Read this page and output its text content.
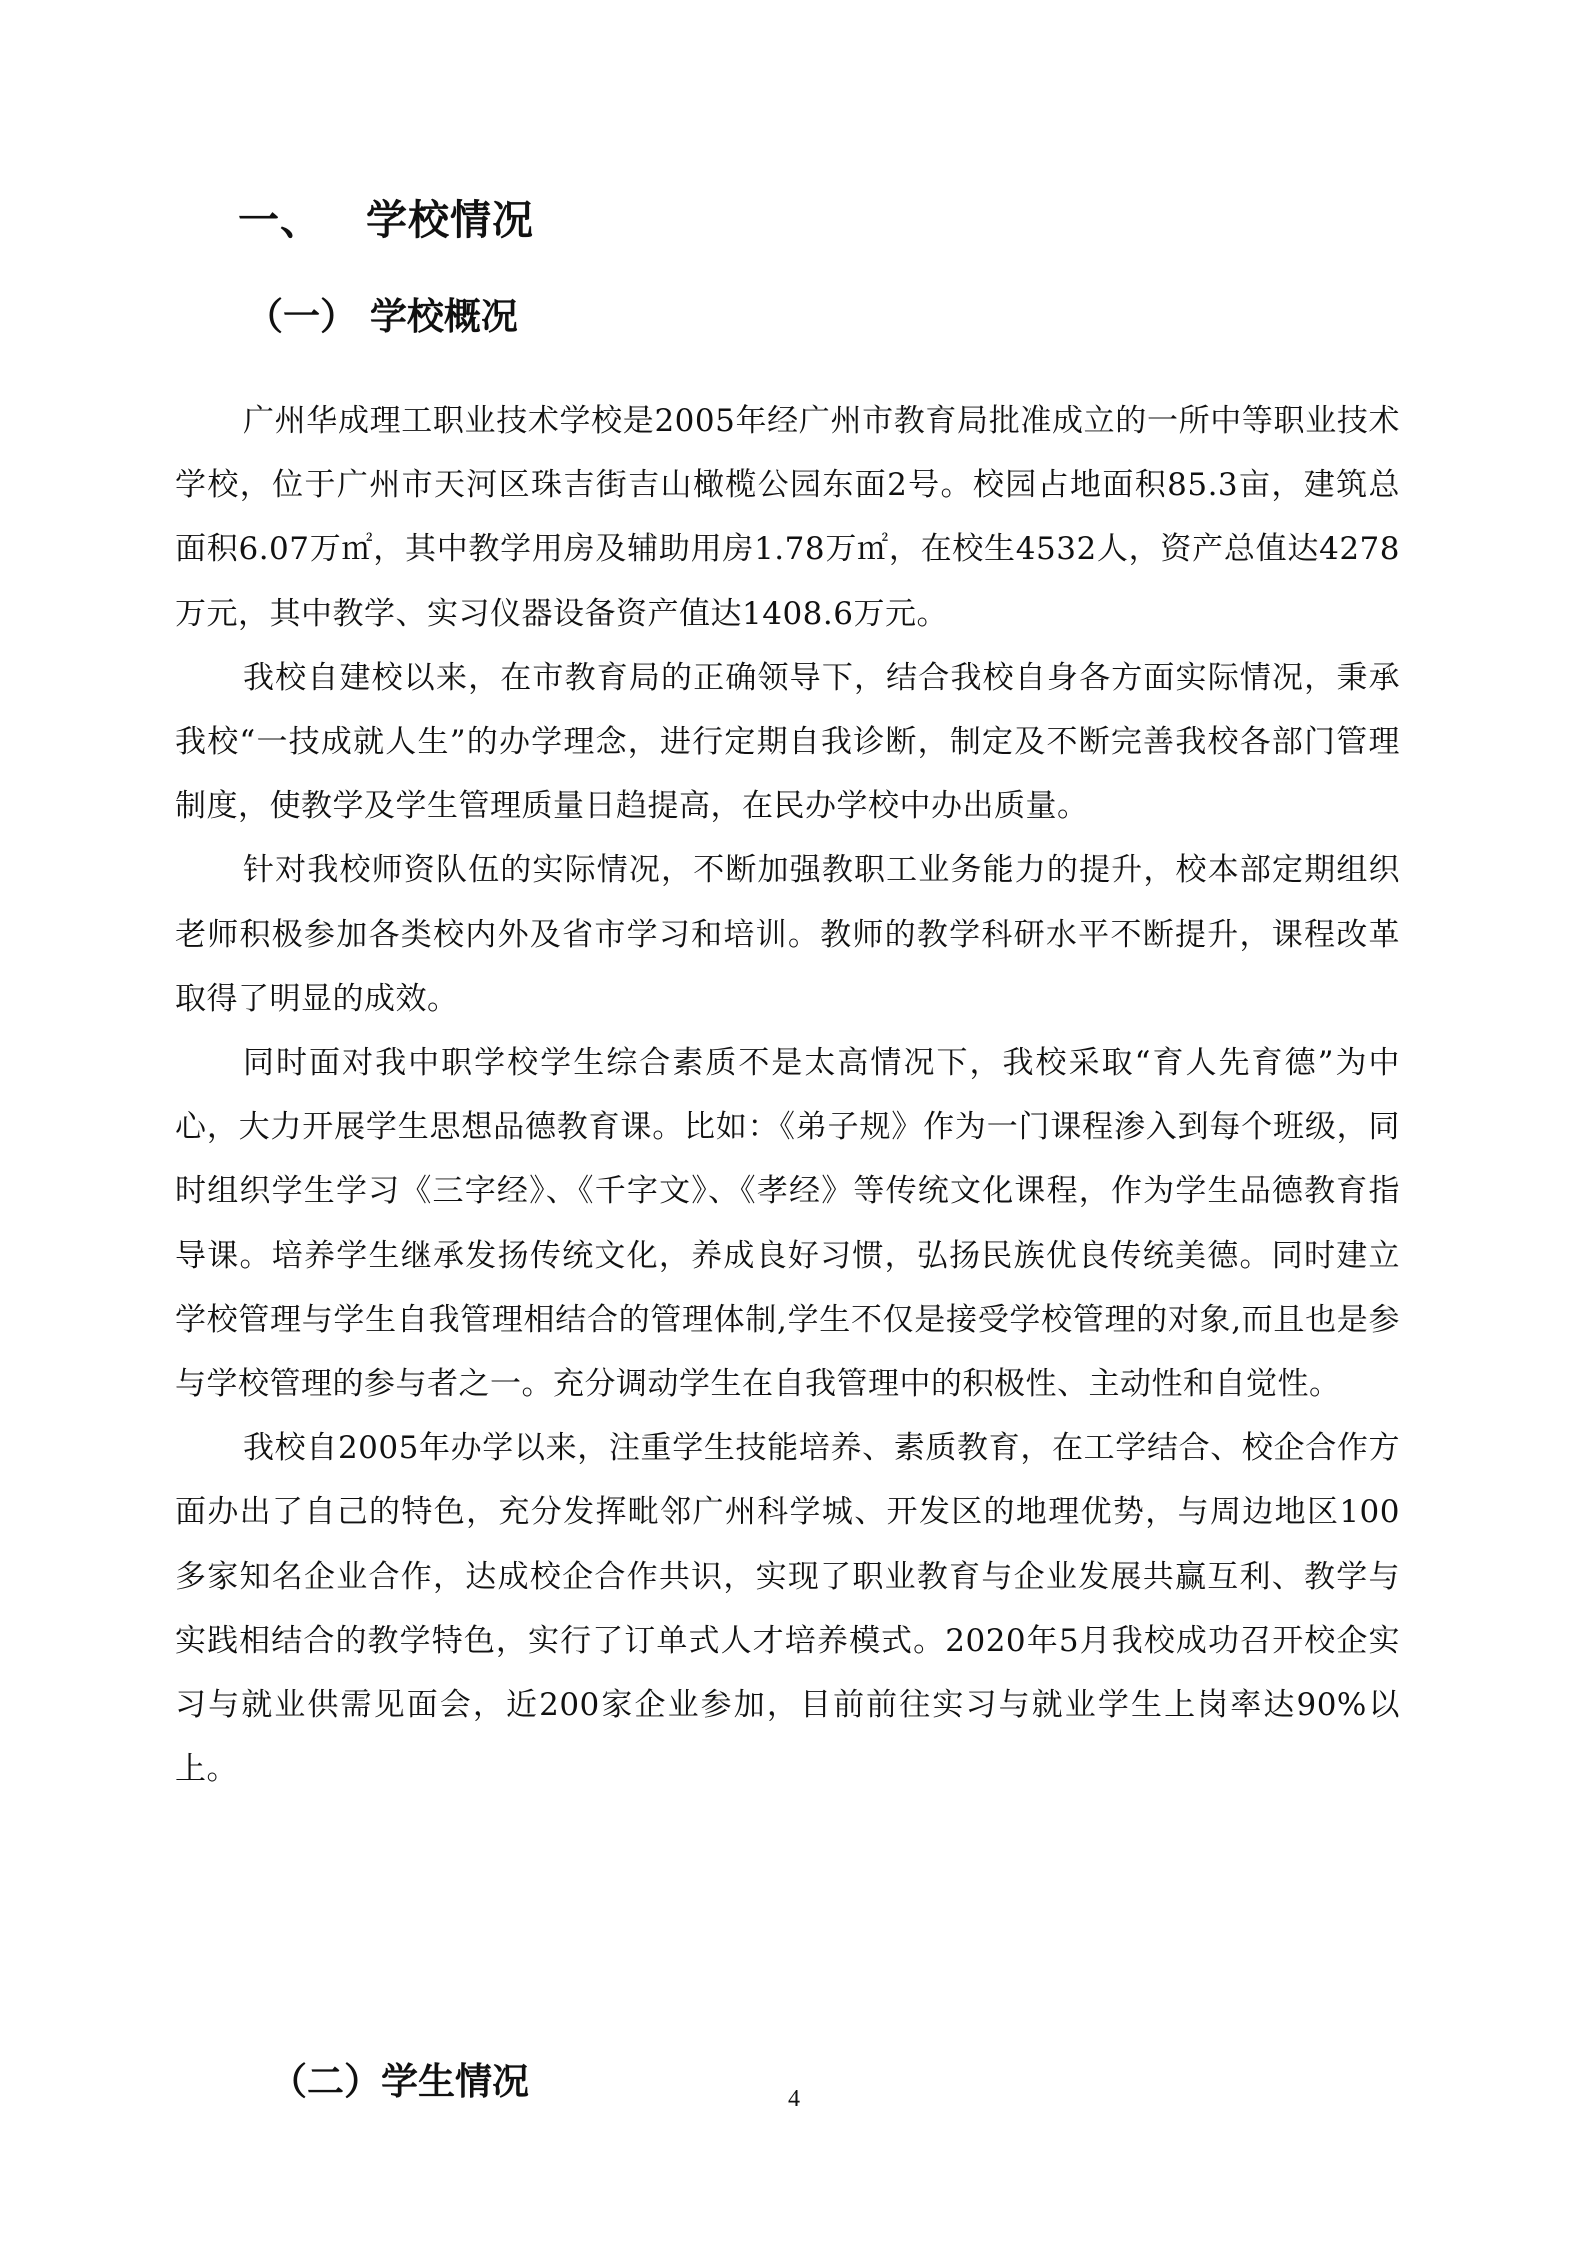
一、 学校情况
（一） 学校概况

广州华成理工职业技术学校是2005年经广州市教育局批准成立的一所中等职业技术学校，位于广州市天河区珠吉街吉山橄榄公园东面2号。校园占地面积85.3亩，建筑总面积6.07万㎡，其中教学用房及辅助用房1.78万㎡，在校生4532人，资产总值达4278万元，其中教学、实习仪器设备资产值达1408.6万元。

我校自建校以来，在市教育局的正确领导下，结合我校自身各方面实际情况，秉承我校“一技成就人生”的办学理念，进行定期自我诊断，制定及不断完善我校各部门管理制度，使教学及学生管理质量日趋提高，在民办学校中办出质量。

针对我校师资队伍的实际情况，不断加强教职工业务能力的提升，校本部定期组织老师积极参加各类校内外及省市学习和培训。教师的教学科研水平不断提升，课程改革取得了明显的成效。

同时面对我中职学校学生综合素质不是太高情况下，我校采取“育人先育德”为中心，大力开展学生思想品德教育课。比如：《弟子规》作为一门课程渗入到每个班级，同时组织学生学习《三字经》、《千字文》、《孝经》等传统文化课程，作为学生品德教育指导课。培养学生继承发扬传统文化，养成良好习惯，弘扬民族优良传统美德。同时建立学校管理与学生自我管理相结合的管理体制,学生不仅是接受学校管理的对象,而且也是参与学校管理的参与者之一。充分调动学生在自我管理中的积极性、主动性和自觉性。

我校自2005年办学以来，注重学生技能培养、素质教育，在工学结合、校企合作方面办出了自己的特色，充分发挥毗邻广州科学城、开发区的地理优势，与周边地区100多家知名企业合作，达成校企合作共识，实现了职业教育与企业发展共赢互利、教学与实践相结合的教学特色，实行了订单式人才培养模式。2020年5月我校成功召开校企实习与就业供需见面会，近200家企业参加，目前前往实习与就业学生上岗率达90%以上。

（二）学生情况	4
